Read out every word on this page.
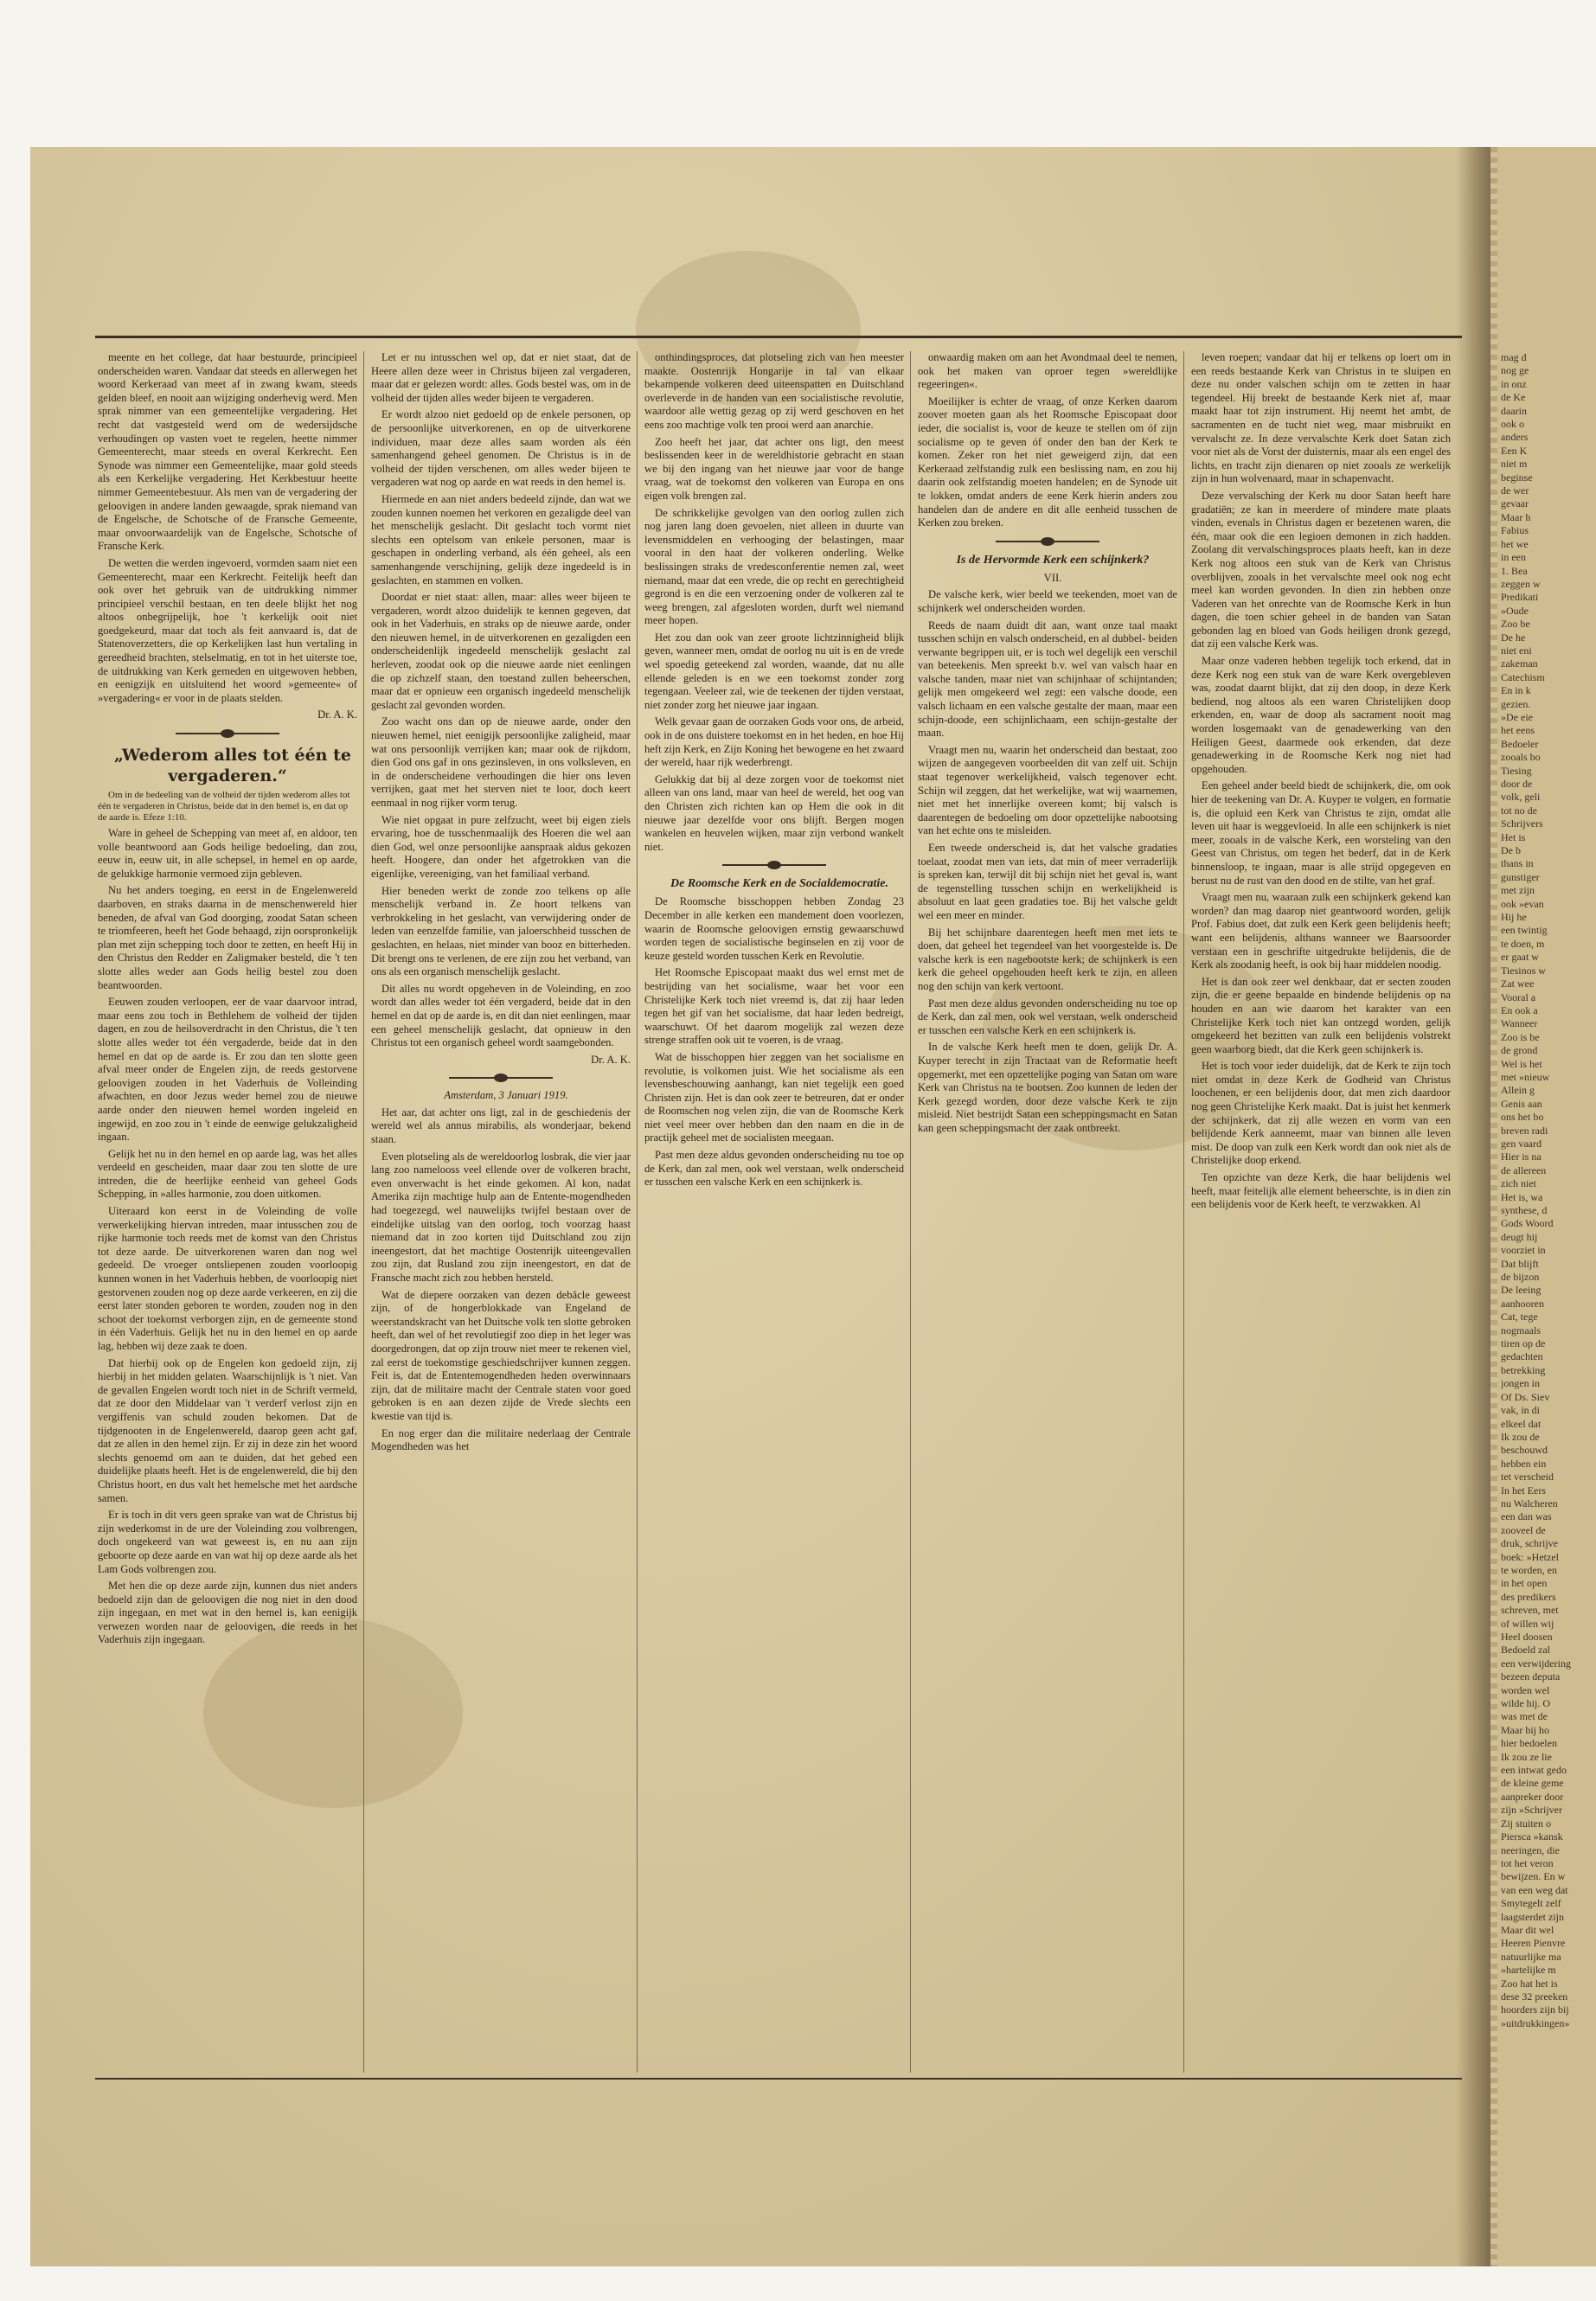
meente en het college, dat haar bestuurde, principieel onderscheiden waren. Vandaar dat steeds en allerwegen het woord Kerkeraad van meet af in zwang kwam, steeds gelden bleef, en nooit aan wijziging onderhevig werd. Men sprak nimmer van een gemeentelijke vergadering. Het recht dat vastgesteld werd om de wedersijdsche verhoudingen op vasten voet te regelen, heette nimmer Gemeenterecht, maar steeds en overal Kerkrecht. Een Synode was nimmer een Gemeentelijke, maar gold steeds als een Kerkelijke vergadering. Het Kerkbestuur heette nimmer Gemeentebestuur. Als men van de vergadering der geloovigen in andere landen gewaagde, sprak niemand van de Engelsche, de Schotsche of de Fransche Gemeente, maar onvoorwaardelijk van de Engelsche, Schotsche of Fransche Kerk.

De wetten die werden ingevoerd, vormden saam niet een Gemeenterecht, maar een Kerkrecht. Feitelijk heeft dan ook over het gebruik van de uitdrukking nimmer principieel verschil bestaan, en ten deele blijkt het nog altoos onbegrijpelijk, hoe 't kerkelijk ooit niet goedgekeurd, maar dat toch als feit aanvaard is, dat de Statenoverzetters, die op Kerkelijken last hun vertaling in gereedheid brachten, stelselmatig, en tot in het uiterste toe, de uitdrukking van Kerk gemeden en uitgewoven hebben, en eenigzijk en uitsluitend het woord »gemeente« of »vergadering« er voor in de plaats stelden.

Dr. A. K.

„Wederom alles tot één te vergaderen.“

Om in de bedeeling van de volheid der tijden wederom alles tot één te vergaderen in Christus, beide dat in den hemel is, en dat op de aarde is. Efeze 1:10.

Ware in geheel de Schepping van meet af, en aldoor, ten volle beantwoord aan Gods heilige bedoeling, dan zou, eeuw in, eeuw uit, in alle schepsel, in hemel en op aarde, de gelukkige harmonie vermoed zijn gebleven.

Nu het anders toeging, en eerst in de Engelenwereld daarboven, en straks daarna in de menschenwereld hier beneden, de afval van God doorging, zoodat Satan scheen te triomfeeren, heeft het Gode behaagd, zijn oorspronkelijk plan met zijn schepping toch door te zetten, en heeft Hij in den Christus den Redder en Zaligmaker besteld, die 't ten slotte alles weder aan Gods heilig bestel zou doen beantwoorden.

Eeuwen zouden verloopen, eer de vaar daarvoor intrad, maar eens zou toch in Bethlehem de volheid der tijden dagen, en zou de heilsoverdracht in den Christus, die 't ten slotte alles weder tot één vergaderde, beide dat in den hemel en dat op de aarde is. Er zou dan ten slotte geen afval meer onder de Engelen zijn, de reeds gestorvene geloovigen zouden in het Vaderhuis de Volleinding afwachten, en door Jezus weder hemel zou de nieuwe aarde onder den nieuwen hemel worden ingeleid en ingewijd, en zoo zou in 't einde de eenwige gelukzaligheid ingaan.

Gelijk het nu in den hemel en op aarde lag, was het alles verdeeld en gescheiden, maar daar zou ten slotte de ure intreden, die de heerlijke eenheid van geheel Gods Schepping, in »alles harmonie, zou doen uitkomen.

Uiteraard kon eerst in de Voleinding de volle verwerkelijking hiervan intreden, maar intusschen zou de rijke harmonie toch reeds met de komst van den Christus tot deze aarde. De uitverkorenen waren dan nog wel gedeeld. De vroeger ontsliepenen zouden voorloopig kunnen wonen in het Vaderhuis hebben, de voorloopig niet gestorvenen zouden nog op deze aarde verkeeren, en zij die eerst later stonden geboren te worden, zouden nog in den schoot der toekomst verborgen zijn, en de gemeente stond in één Vaderhuis. Gelijk het nu in den hemel en op aarde lag, hebben wij deze zaak te doen.

Dat hierbij ook op de Engelen kon gedoeld zijn, zij hierbij in het midden gelaten. Waarschijnlijk is 't niet. Van de gevallen Engelen wordt toch niet in de Schrift vermeld, dat ze door den Middelaar van 't verderf verlost zijn en vergiffenis van schuld zouden bekomen. Dat de tijdgenooten in de Engelenwereld, daarop geen acht gaf, dat ze allen in den hemel zijn. Er zij in deze zin het woord slechts genoemd om aan te duiden, dat het gebed een duidelijke plaats heeft. Het is de engelenwereld, die bij den Christus hoort, en dus valt het hemelsche met het aardsche samen.

Er is toch in dit vers geen sprake van wat de Christus bij zijn wederkomst in de ure der Voleinding zou volbrengen, doch ongekeerd van wat geweest is, en nu aan zijn geboorte op deze aarde en van wat hij op deze aarde als het Lam Gods volbrengen zou.

Met hen die op deze aarde zijn, kunnen dus niet anders bedoeld zijn dan de geloovigen die nog niet in den dood zijn ingegaan, en met wat in den hemel is, kan eenigijk verwezen worden naar de geloovigen, die reeds in het Vaderhuis zijn ingegaan.

Let er nu intusschen wel op, dat er niet staat, dat de Heere allen deze weer in Christus bijeen zal vergaderen, maar dat er gelezen wordt: alles. Gods bestel was, om in de volheid der tijden alles weder bijeen te vergaderen.

Er wordt alzoo niet gedoeld op de enkele personen, op de persoonlijke uitverkorenen, en op de uitverkorene individuen, maar deze alles saam worden als één samenhangend geheel genomen. De Christus is in de volheid der tijden verschenen, om alles weder bijeen te vergaderen wat nog op aarde en wat reeds in den hemel is.

Hiermede en aan niet anders bedeeld zijnde, dan wat we zouden kunnen noemen het verkoren en gezaligde deel van het menschelijk geslacht. Dit geslacht toch vormt niet slechts een optelsom van enkele personen, maar is geschapen in onderling verband, als één geheel, als een samenhangende verschijning, gelijk deze ingedeeld is in geslachten, en stammen en volken.

Doordat er niet staat: allen, maar: alles weer bijeen te vergaderen, wordt alzoo duidelijk te kennen gegeven, dat ook in het Vaderhuis, en straks op de nieuwe aarde, onder den nieuwen hemel, in de uitverkorenen en gezaligden een onderscheidenlijk ingedeeld menschelijk geslacht zal herleven, zoodat ook op die nieuwe aarde niet eenlingen die op zichzelf staan, den toestand zullen beheerschen, maar dat er opnieuw een organisch ingedeeld menschelijk geslacht zal gevonden worden.

Zoo wacht ons dan op de nieuwe aarde, onder den nieuwen hemel, niet eenigijk persoonlijke zaligheid, maar wat ons persoonlijk verrijken kan; maar ook de rijkdom, dien God ons gaf in ons gezinsleven, in ons volksleven, en in de onderscheidene verhoudingen die hier ons leven verrijken, gaat met het sterven niet te loor, doch keert eenmaal in nog rijker vorm terug.

Wie niet opgaat in pure zelfzucht, weet bij eigen ziels ervaring, hoe de tusschenmaalijk des Hoeren die wel aan dien God, wel onze persoonlijke aanspraak aldus gekozen heeft. Hoogere, dan onder het afgetrokken van die eigenlijke, vereeniging, van het familiaal verband.

Hier beneden werkt de zonde zoo telkens op alle menschelijk verband in. Ze hoort telkens van verbrokkeling in het geslacht, van verwijdering onder de leden van eenzelfde familie, van jaloerschheid tusschen de geslachten, en helaas, niet minder van booz en bitterheden. Dit brengt ons te verlenen, de ere zijn zou het verband, van ons als een organisch menschelijk geslacht.

Dit alles nu wordt opgeheven in de Voleinding, en zoo wordt dan alles weder tot één vergaderd, beide dat in den hemel en dat op de aarde is, en dit dan niet eenlingen, maar een geheel menschelijk geslacht, dat opnieuw in den Christus tot een organisch geheel wordt saamgebonden.

Dr. A. K.

Amsterdam, 3 Januari 1919.

Het aar, dat achter ons ligt, zal in de geschiedenis der wereld wel als annus mirabilis, als wonderjaar, bekend staan.

Even plotseling als de wereldoorlog losbrak, die vier jaar lang zoo namelooss veel ellende over de volkeren bracht, even onverwacht is het einde gekomen. Al kon, nadat Amerika zijn machtige hulp aan de Entente-mogendheden had toegezegd, wel nauwelijks twijfel bestaan over de eindelijke uitslag van den oorlog, toch voorzag haast niemand dat in zoo korten tijd Duitschland zou zijn ineengestort, dat het machtige Oostenrijk uiteengevallen zou zijn, dat Rusland zou zijn ineengestort, en dat de Fransche macht zich zou hebben hersteld.

Wat de diepere oorzaken van dezen debâcle geweest zijn, of de hongerblokkade van Engeland de weerstandskracht van het Duitsche volk ten slotte gebroken heeft, dan wel of het revolutiegif zoo diep in het leger was doorgedrongen, dat op zijn trouw niet meer te rekenen viel, zal eerst de toekomstige geschiedschrijver kunnen zeggen. Feit is, dat de Ententemogendheden heden overwinnaars zijn, dat de militaire macht der Centrale staten voor goed gebroken is en aan dezen zijde de Vrede slechts een kwestie van tijd is.

En nog erger dan die militaire nederlaag der Centrale Mogendheden was het

onthindingsproces, dat plotseling zich van hen meester maakte. Oostenrijk Hongarije in tal van elkaar bekampende volkeren deed uiteenspatten en Duitschland overleverde in de handen van een socialistische revolutie, waardoor alle wettig gezag op zij werd geschoven en het eens zoo machtige volk ten prooi werd aan anarchie.

Zoo heeft het jaar, dat achter ons ligt, den meest beslissenden keer in de wereldhistorie gebracht en staan we bij den ingang van het nieuwe jaar voor de bange vraag, wat de toekomst den volkeren van Europa en ons eigen volk brengen zal.

De schrikkelijke gevolgen van den oorlog zullen zich nog jaren lang doen gevoelen, niet alleen in duurte van levensmiddelen en verhooging der belastingen, maar vooral in den haat der volkeren onderling. Welke beslissingen straks de vredesconferentie nemen zal, weet niemand, maar dat een vrede, die op recht en gerechtigheid gegrond is en die een verzoening onder de volkeren zal te weeg brengen, zal afgesloten worden, durft wel niemand meer hopen.

Het zou dan ook van zeer groote lichtzinnigheid blijk geven, wanneer men, omdat de oorlog nu uit is en de vrede wel spoedig geteekend zal worden, waande, dat nu alle ellende geleden is en we een toekomst zonder zorg tegengaan. Veeleer zal, wie de teekenen der tijden verstaat, niet zonder zorg het nieuwe jaar ingaan.

Welk gevaar gaan de oorzaken Gods voor ons, de arbeid, ook in de ons duistere toekomst en in het heden, en hoe Hij heft zijn Kerk, en Zijn Koning het bewogene en het zwaard der wereld, haar rijk wederbrengt.

Gelukkig dat bij al deze zorgen voor de toekomst niet alleen van ons land, maar van heel de wereld, het oog van den Christen zich richten kan op Hem die ook in dit nieuwe jaar dezelfde voor ons blijft. Bergen mogen wankelen en heuvelen wijken, maar zijn verbond wankelt niet.

De Roomsche Kerk en de Socialdemocratie.

De Roomsche bisschoppen hebben Zondag 23 December in alle kerken een mandement doen voorlezen, waarin de Roomsche geloovigen ernstig gewaarschuwd worden tegen de socialistische beginselen en zij voor de keuze gesteld worden tusschen Kerk en Revolutie.

Het Roomsche Episcopaat maakt dus wel ernst met de bestrijding van het socialisme, waar het voor een Christelijke Kerk toch niet vreemd is, dat zij haar leden tegen het gif van het socialisme, dat haar leden bedreigt, waarschuwt. Of het daarom mogelijk zal wezen deze strenge straffen ook uit te voeren, is de vraag.

Wat de bisschoppen hier zeggen van het socialisme en revolutie, is volkomen juist. Wie het socialisme als een levensbeschouwing aanhangt, kan niet tegelijk een goed Christen zijn. Het is dan ook zeer te betreuren, dat er onder de Roomschen nog velen zijn, die van de Roomsche Kerk niet veel meer over hebben dan den naam en die in de practijk geheel met de socialisten meegaan.

Past men deze aldus gevonden onderscheiding nu toe op de Kerk, dan zal men, ook wel verstaan, welk onderscheid er tusschen een valsche Kerk en een schijnkerk is.

onwaardig maken om aan het Avondmaal deel te nemen, ook het maken van oproer tegen »wereldlijke regeeringen«.

Moeilijker is echter de vraag, of onze Kerken daarom zoover moeten gaan als het Roomsche Episcopaat door ieder, die socialist is, voor de keuze te stellen om óf zijn socialisme op te geven óf onder den ban der Kerk te komen. Zeker ron het niet geweigerd zijn, dat een Kerkeraad zelfstandig zulk een beslissing nam, en zou hij daarin ook zelfstandig moeten handelen; en de Synode uit te lokken, omdat anders de eene Kerk hierin anders zou handelen dan de andere en dit alle eenheid tusschen de Kerken zou breken.

Is de Hervormde Kerk een schijnkerk?

VII.

De valsche kerk, wier beeld we teekenden, moet van de schijnkerk wel onderscheiden worden.

Reeds de naam duidt dit aan, want onze taal maakt tusschen schijn en valsch onderscheid, en al dubbel- beiden verwante begrippen uit, er is toch wel degelijk een verschil van beteekenis. Men spreekt b.v. wel van valsch haar en valsche tanden, maar niet van schijnhaar of schijntanden; gelijk men omgekeerd wel zegt: een valsche doode, een valsch lichaam en een valsche gestalte der maan, maar een schijn-doode, een schijnlichaam, een schijn-gestalte der maan.

Vraagt men nu, waarin het onderscheid dan bestaat, zoo wijzen de aangegeven voorbeelden dit van zelf uit. Schijn staat tegenover werkelijkheid, valsch tegenover echt. Schijn wil zeggen, dat het werkelijke, wat wij waarnemen, niet met het innerlijke overeen komt; bij valsch is daarentegen de bedoeling om door opzettelijke nabootsing van het echte ons te misleiden.

Een tweede onderscheid is, dat het valsche gradaties toelaat, zoodat men van iets, dat min of meer verraderlijk is spreken kan, terwijl dit bij schijn niet het geval is, want de tegenstelling tusschen schijn en werkelijkheid is absoluut en laat geen gradaties toe. Bij het valsche geldt wel een meer en minder.

Bij het schijnbare daarentegen heeft men met iets te doen, dat geheel het tegendeel van het voorgestelde is. De valsche kerk is een nagebootste kerk; de schijnkerk is een kerk die geheel opgehouden heeft kerk te zijn, en alleen nog den schijn van kerk vertoont.

Past men deze aldus gevonden onderscheiding nu toe op de Kerk, dan zal men, ook wel verstaan, welk onderscheid er tusschen een valsche Kerk en een schijnkerk is.

In de valsche Kerk heeft men te doen, gelijk Dr. A. Kuyper terecht in zijn Tractaat van de Reformatie heeft opgemerkt, met een opzettelijke poging van Satan om ware Kerk van Christus na te bootsen. Zoo kunnen de leden der Kerk gezegd worden, door deze valsche Kerk te zijn misleid. Niet bestrijdt Satan een scheppingsmacht en Satan kan geen scheppingsmacht der zaak ontbreekt.

leven roepen; vandaar dat hij er telkens op loert om in een reeds bestaande Kerk van Christus in te sluipen en deze nu onder valschen schijn om te zetten in haar tegendeel. Hij breekt de bestaande Kerk niet af, maar maakt haar tot zijn instrument. Hij neemt het ambt, de sacramenten en de tucht niet weg, maar misbruikt en vervalscht ze. In deze vervalschte Kerk doet Satan zich voor niet als de Vorst der duisternis, maar als een engel des lichts, en tracht zijn dienaren op niet zooals ze werkelijk zijn in hun wolvenaard, maar in schapenvacht.

Deze vervalsching der Kerk nu door Satan heeft hare gradatiën; ze kan in meerdere of mindere mate plaats vinden, evenals in Christus dagen er bezetenen waren, die één, maar ook die een legioen demonen in zich hadden. Zoolang dit vervalschingsproces plaats heeft, kan in deze Kerk nog altoos een stuk van de Kerk van Christus overblijven, zooals in het vervalschte meel ook nog echt meel kan worden gevonden. In dien zin hebben onze Vaderen van het onrechte van de Roomsche Kerk in hun dagen, die toen schier geheel in de banden van Satan gebonden lag en bloed van Gods heiligen dronk gezegd, dat zij een valsche Kerk was.

Maar onze vaderen hebben tegelijk toch erkend, dat in deze Kerk nog een stuk van de ware Kerk overgebleven was, zoodat daarnt blijkt, dat zij den doop, in deze Kerk bediend, nog altoos als een waren Christelijken doop erkenden, en, waar de doop als sacrament nooit mag worden losgemaakt van de genadewerking van den Heiligen Geest, daarmede ook erkenden, dat deze genadewerking in de Roomsche Kerk nog niet had opgehouden.

Een geheel ander beeld biedt de schijnkerk, die, om ook hier de teekening van Dr. A. Kuyper te volgen, en formatie is, die opluid een Kerk van Christus te zijn, omdat alle leven uit haar is weggevloeid. In alle een schijnkerk is niet meer, zooals in de valsche Kerk, een worsteling van den Geest van Christus, om tegen het bederf, dat in de Kerk binnensloop, te ingaan, maar is alle strijd opgegeven en berust nu de rust van den dood en de stilte, van het graf.

Vraagt men nu, waaraan zulk een schijnkerk gekend kan worden? dan mag daarop niet geantwoord worden, gelijk Prof. Fabius doet, dat zulk een Kerk geen belijdenis heeft; want een belijdenis, althans wanneer we Baarsoorder verstaan een in geschrifte uitgedrukte belijdenis, die de Kerk als zoodanig heeft, is ook bij haar middelen noodig.

Het is dan ook zeer wel denkbaar, dat er secten zouden zijn, die er geene bepaalde en bindende belijdenis op na houden en aan wie daarom het karakter van een Christelijke Kerk toch niet kan ontzegd worden, gelijk omgekeerd het bezitten van zulk een belijdenis volstrekt geen waarborg biedt, dat die Kerk geen schijnkerk is.

Het is toch voor ieder duidelijk, dat de Kerk te zijn toch niet omdat in deze Kerk de Godheid van Christus loochenen, er een belijdenis door, dat men zich daardoor nog geen Christelijke Kerk maakt. Dat is juist het kenmerk der schijnkerk, dat zij alle wezen en vorm van een belijdende Kerk aanneemt, maar van binnen alle leven mist. De doop van zulk een Kerk wordt dan ook niet als de Christelijke doop erkend.

Ten opzichte van deze Kerk, die haar belijdenis wel heeft, maar feitelijk alle element beheerschte, is in dien zin een belijdenis voor de Kerk heeft, te verzwakken. Al

mag d
nog ge
in onz
de Ke
daarin
ook o
anders
Een K
niet m
beginse
de wer
gevaar
Maar h
Fabius
het we
in een
1. Bea
zeggen w
Predikati
»Oude
Zoo be
De he
niet eni
zakeman
Catechism
En in k
gezien.
»De eie
het eens
Bedoeler
zooals bo
Tiesing
door de
volk, geli
tot no de
Schrijvers
Het is
De b
thans in
gunstiger
met zijn
ook »evan
Hij he
een twintig
te doen, m
er gaat w
Tiesinos w
Zat wee
Vooral a
En ook a
Wanneer
Zoo is be
de grond
Wel is het
met »nieuw
Allein g
Genis aan
ons het bo
breven radi
gen vaard
Hier is na
de allereen
zich niet
Het is, wa
synthese, d
Gods Woord
deugt hij
voorziet in
Dat blijft
de bijzon
De leeing
aanhooren
Cat, tege
nogmaals
tiren op de
gedachten
betrekking
jongen in
Of Ds. Siev
vak, in di
elkeel dat
Ik zou de
beschouwd
hebben ein
tet verscheid
In het Eers
nu Walcheren
een dan was
zooveel de
druk, schrijve
boek: »Hetzel
te worden, en
in het open
des predikers
schreven, met
of willen wij
Heel doosen
Bedoeld zal
een verwijdering
bezeen deputa
worden wel
wilde hij. O
was met de
Maar bij ho
hier bedoelen
Ik zou ze lie
een intwat gedo
de kleine geme
aanpreker door
zijn »Schrijver
Zij stuiten o
Piersca »kansk
neeringen, die
tot het veron
bewijzen. En w
van een weg dat
Smytegelt zelf
laagsterdet zijn
Maar dit wel
Heeren Pienvre
natuurlijke ma
»hartelijke m
Zoo hat het is
dese 32 preeken
hoorders zijn bij
»uitdrukkingen»
